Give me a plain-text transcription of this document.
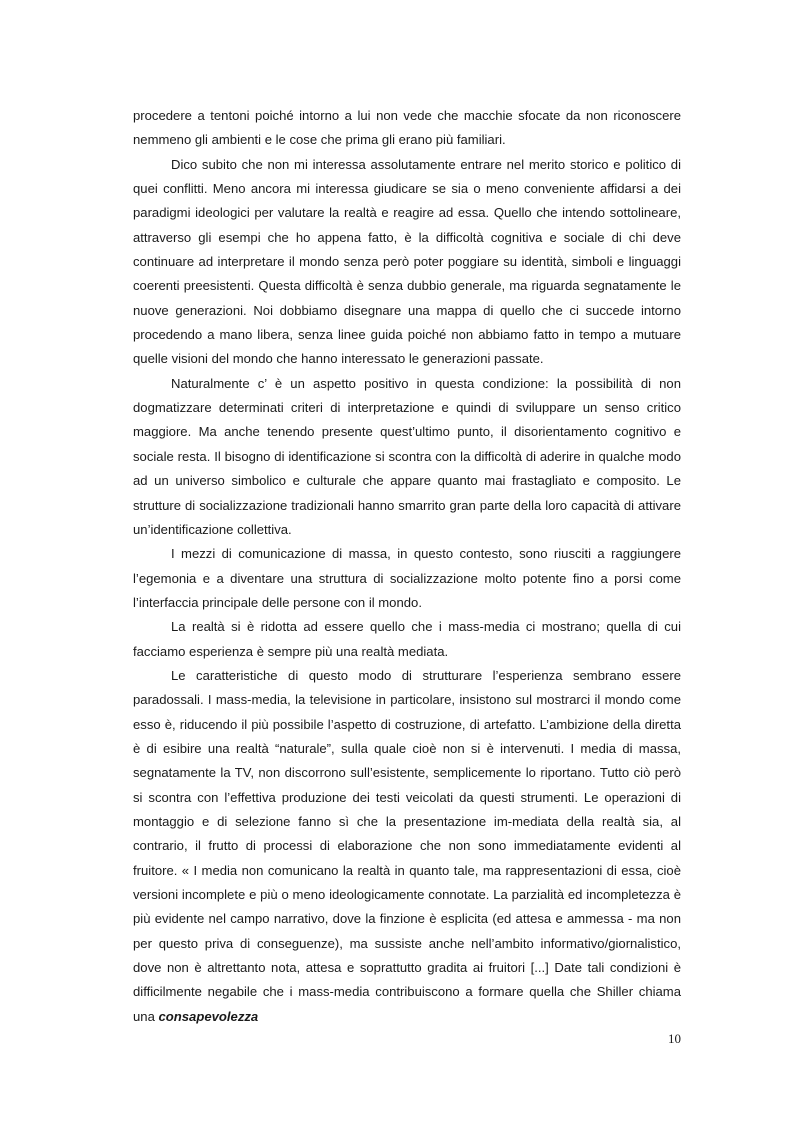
procedere a tentoni poiché intorno a lui non vede che macchie sfocate da non riconoscere nemmeno gli ambienti e le cose che prima gli erano più familiari.

Dico subito che non mi interessa assolutamente entrare nel merito storico e politico di quei conflitti. Meno ancora mi interessa giudicare se sia o meno conveniente affidarsi a dei paradigmi ideologici per valutare la realtà e reagire ad essa. Quello che intendo sottolineare, attraverso gli esempi che ho appena fatto, è la difficoltà cognitiva e sociale di chi deve continuare ad interpretare il mondo senza però poter poggiare su identità, simboli e linguaggi coerenti preesistenti. Questa difficoltà è senza dubbio generale, ma riguarda segnatamente le nuove generazioni. Noi dobbiamo disegnare una mappa di quello che ci succede intorno procedendo a mano libera, senza linee guida poiché non abbiamo fatto in tempo a mutuare quelle visioni del mondo che hanno interessato le generazioni passate.

Naturalmente c’ è un aspetto positivo in questa condizione: la possibilità di non dogmatizzare determinati criteri di interpretazione e quindi di sviluppare un senso critico maggiore. Ma anche tenendo presente quest’ultimo punto, il disorientamento cognitivo e sociale resta. Il bisogno di identificazione si scontra con la difficoltà di aderire in qualche modo ad un universo simbolico e culturale che appare quanto mai frastagliato e composito. Le strutture di socializzazione tradizionali hanno smarrito gran parte della loro capacità di attivare un’identificazione collettiva.

I mezzi di comunicazione di massa, in questo contesto, sono riusciti a raggiungere l’egemonia e a diventare una struttura di socializzazione molto potente fino a porsi come l’interfaccia principale delle persone con il mondo.

La realtà si è ridotta ad essere quello che i mass-media ci mostrano; quella di cui facciamo esperienza è sempre più una realtà mediata.

Le caratteristiche di questo modo di strutturare l’esperienza sembrano essere paradossali. I mass-media, la televisione in particolare, insistono sul mostrarci il mondo come esso è, riducendo il più possibile l’aspetto di costruzione, di artefatto. L’ambizione della diretta è di esibire una realtà “naturale”, sulla quale cioè non si è intervenuti. I media di massa, segnatamente la TV, non discorrono sull’esistente, semplicemente lo riportano. Tutto ciò però si scontra con l’effettiva produzione dei testi veicolati da questi strumenti. Le operazioni di montaggio e di selezione fanno sì che la presentazione im-mediata della realtà sia, al contrario, il frutto di processi di elaborazione che non sono immediatamente evidenti al fruitore. « I media non comunicano la realtà in quanto tale, ma rappresentazioni di essa, cioè versioni incomplete e più o meno ideologicamente connotate. La parzialità ed incompletezza è più evidente nel campo narrativo, dove la finzione è esplicita (ed attesa e ammessa - ma non per questo priva di conseguenze), ma sussiste anche nell’ambito informativo/giornalistico, dove non è altrettanto nota, attesa e soprattutto gradita ai fruitori [...] Date tali condizioni è difficilmente negabile che i mass-media contribuiscono a formare quella che Shiller chiama una consapevolezza

10
